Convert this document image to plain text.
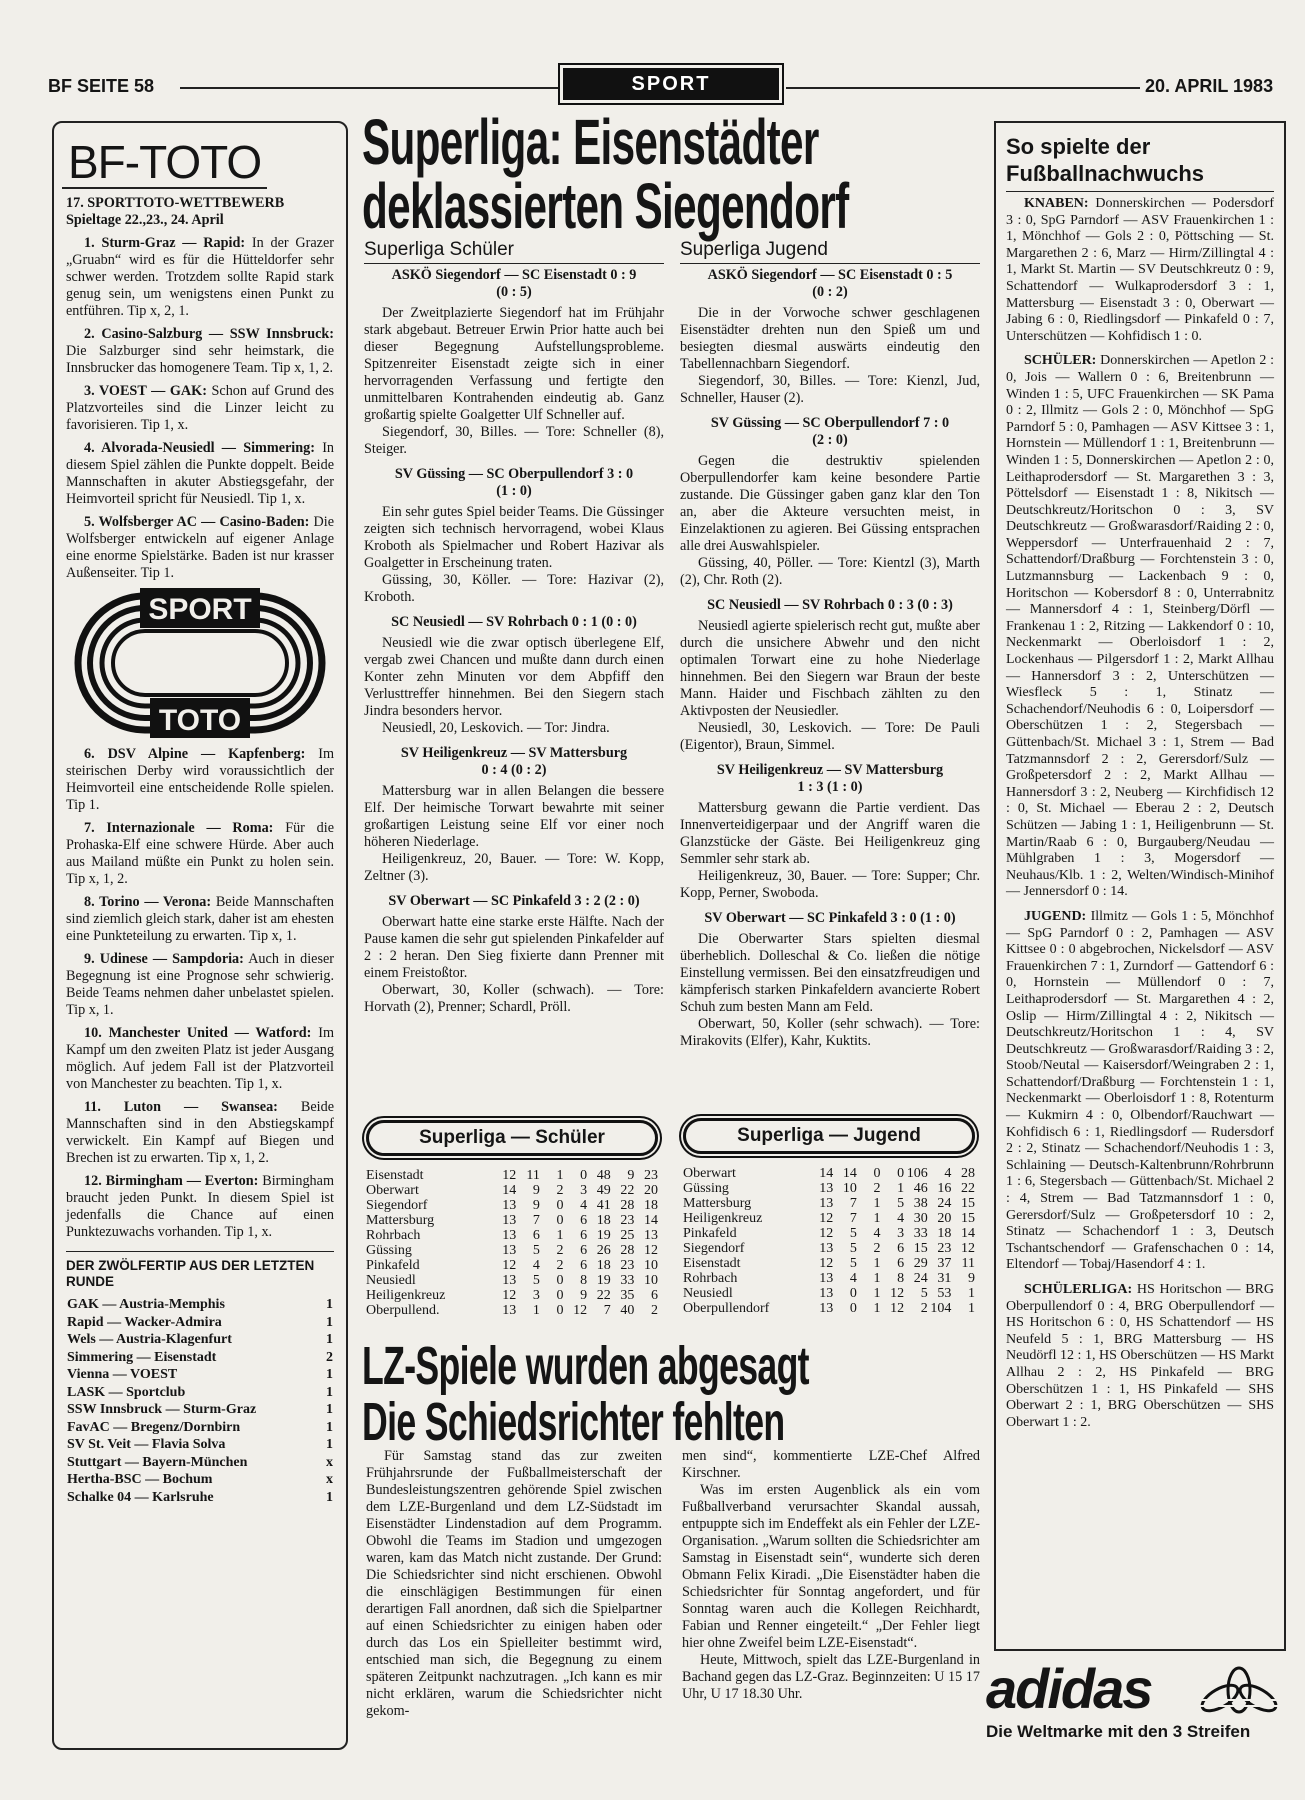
BF SEITE 58	SPORT	20. APRIL 1983
BF-TOTO

17. SPORTTOTO-WETTBEWERB

Spieltage 22.,23., 24. April

1. Sturm-Graz — Rapid: In der Grazer „Gruabn“ wird es für die Hütteldorfer sehr schwer werden. Trotzdem sollte Rapid stark genug sein, um wenigstens einen Punkt zu entführen. Tip x, 2, 1.

2. Casino-Salzburg — SSW Innsbruck: Die Salzburger sind sehr heimstark, die Innsbrucker das homogenere Team. Tip x, 1, 2.

3. VOEST — GAK: Schon auf Grund des Platzvorteiles sind die Linzer leicht zu favorisieren. Tip 1, x.

4. Alvorada-Neusiedl — Simmering: In diesem Spiel zählen die Punkte doppelt. Beide Mannschaften in akuter Abstiegsgefahr, der Heimvorteil spricht für Neusiedl. Tip 1, x.

5. Wolfsberger AC — Casino-Baden: Die Wolfsberger entwickeln auf eigener Anlage eine enorme Spielstärke. Baden ist nur krasser Außenseiter. Tip 1.

SPORT
TOTO

6. DSV Alpine — Kapfenberg: Im steirischen Derby wird voraussichtlich der Heimvorteil eine entscheidende Rolle spielen. Tip 1.

7. Internazionale — Roma: Für die Prohaska-Elf eine schwere Hürde. Aber auch aus Mailand müßte ein Punkt zu holen sein. Tip x, 1, 2.

8. Torino — Verona: Beide Mannschaften sind ziemlich gleich stark, daher ist am ehesten eine Punkteteilung zu erwarten. Tip x, 1.

9. Udinese — Sampdoria: Auch in dieser Begegnung ist eine Prognose sehr schwierig. Beide Teams nehmen daher unbelastet spielen. Tip x, 1.

10. Manchester United — Watford: Im Kampf um den zweiten Platz ist jeder Ausgang möglich. Auf jedem Fall ist der Platzvorteil von Manchester zu beachten. Tip 1, x.

11. Luton — Swansea: Beide Mannschaften sind in den Abstiegskampf verwickelt. Ein Kampf auf Biegen und Brechen ist zu erwarten. Tip x, 1, 2.

12. Birmingham — Everton: Birmingham braucht jeden Punkt. In diesem Spiel ist jedenfalls die Chance auf einen Punktezuwachs vorhanden. Tip 1, x.

DER ZWÖLFERTIP AUS DER LETZTEN RUNDE

GAK — Austria-Memphis	1
Rapid — Wacker-Admira	1
Wels — Austria-Klagenfurt	1
Simmering — Eisenstadt	2
Vienna — VOEST	1
LASK — Sportclub	1
SSW Innsbruck — Sturm-Graz	1
FavAC — Bregenz/Dornbirn	1
SV St. Veit — Flavia Solva	1
Stuttgart — Bayern-München	x
Hertha-BSC — Bochum	x
Schalke 04 — Karlsruhe	1
Superliga: Eisenstädter
deklassierten Siegendorf
Superliga Schüler

ASKÖ Siegendorf — SC Eisenstadt 0 : 9

(0 : 5)

Der Zweitplazierte Siegendorf hat im Frühjahr stark abgebaut. Betreuer Erwin Prior hatte auch bei dieser Begegnung Aufstellungsprobleme. Spitzenreiter Eisenstadt zeigte sich in einer hervorragenden Verfassung und fertigte den unmittelbaren Kontrahenden eindeutig ab. Ganz großartig spielte Goalgetter Ulf Schneller auf.

Siegendorf, 30, Billes. — Tore: Schneller (8), Steiger.

SV Güssing — SC Oberpullendorf 3 : 0

(1 : 0)

Ein sehr gutes Spiel beider Teams. Die Güssinger zeigten sich technisch hervorragend, wobei Klaus Kroboth als Spielmacher und Robert Hazivar als Goalgetter in Erscheinung traten.

Güssing, 30, Köller. — Tore: Hazivar (2), Kroboth.

SC Neusiedl — SV Rohrbach 0 : 1 (0 : 0)

Neusiedl wie die zwar optisch überlegene Elf, vergab zwei Chancen und mußte dann durch einen Konter zehn Minuten vor dem Abpfiff den Verlusttreffer hinnehmen. Bei den Siegern stach Jindra besonders hervor.

Neusiedl, 20, Leskovich. — Tor: Jindra.

SV Heiligenkreuz — SV Mattersburg

0 : 4 (0 : 2)

Mattersburg war in allen Belangen die bessere Elf. Der heimische Torwart bewahrte mit seiner großartigen Leistung seine Elf vor einer noch höheren Niederlage.

Heiligenkreuz, 20, Bauer. — Tore: W. Kopp, Zeltner (3).

SV Oberwart — SC Pinkafeld 3 : 2 (2 : 0)

Oberwart hatte eine starke erste Hälfte. Nach der Pause kamen die sehr gut spielenden Pinkafelder auf 2 : 2 heran. Den Sieg fixierte dann Prenner mit einem Freistoßtor.

Oberwart, 30, Koller (schwach). — Tore: Horvath (2), Prenner; Schardl, Pröll.

Superliga Jugend

ASKÖ Siegendorf — SC Eisenstadt 0 : 5

(0 : 2)

Die in der Vorwoche schwer geschlagenen Eisenstädter drehten nun den Spieß um und besiegten diesmal auswärts eindeutig den Tabellennachbarn Siegendorf.

Siegendorf, 30, Billes. — Tore: Kienzl, Jud, Schneller, Hauser (2).

SV Güssing — SC Oberpullendorf 7 : 0

(2 : 0)

Gegen die destruktiv spielenden Oberpullendorfer kam keine besondere Partie zustande. Die Güssinger gaben ganz klar den Ton an, aber die Akteure versuchten meist, in Einzelaktionen zu agieren. Bei Güssing entsprachen alle drei Auswahlspieler.

Güssing, 40, Pöller. — Tore: Kientzl (3), Marth (2), Chr. Roth (2).

SC Neusiedl — SV Rohrbach 0 : 3 (0 : 3)

Neusiedl agierte spielerisch recht gut, mußte aber durch die unsichere Abwehr und den nicht optimalen Torwart eine zu hohe Niederlage hinnehmen. Bei den Siegern war Braun der beste Mann. Haider und Fischbach zählten zu den Aktivposten der Neusiedler.

Neusiedl, 30, Leskovich. — Tore: De Pauli (Eigentor), Braun, Simmel.

SV Heiligenkreuz — SV Mattersburg

1 : 3 (1 : 0)

Mattersburg gewann die Partie verdient. Das Innenverteidigerpaar und der Angriff waren die Glanzstücke der Gäste. Bei Heiligenkreuz ging Semmler sehr stark ab.

Heiligenkreuz, 30, Bauer. — Tore: Supper; Chr. Kopp, Perner, Swoboda.

SV Oberwart — SC Pinkafeld 3 : 0 (1 : 0)

Die Oberwarter Stars spielten diesmal überheblich. Dolleschal & Co. ließen die nötige Einstellung vermissen. Bei den einsatzfreudigen und kämpferisch starken Pinkafeldern avancierte Robert Schuh zum besten Mann am Feld.

Oberwart, 50, Koller (sehr schwach). — Tore: Mirakovits (Elfer), Kahr, Kuktits.

Superliga — Schüler
Eisenstadt	12	11	1	0	48	9	23
Oberwart	14	9	2	3	49	22	20
Siegendorf	13	9	0	4	41	28	18
Mattersburg	13	7	0	6	18	23	14
Rohrbach	13	6	1	6	19	25	13
Güssing	13	5	2	6	26	28	12
Pinkafeld	12	4	2	6	18	23	10
Neusiedl	13	5	0	8	19	33	10
Heiligenkreuz	12	3	0	9	22	35	6
Oberpullend.	13	1	0	12	7	40	2
Superliga — Jugend
Oberwart	14	14	0	0	106	4	28
Güssing	13	10	2	1	46	16	22
Mattersburg	13	7	1	5	38	24	15
Heiligenkreuz	12	7	1	4	30	20	15
Pinkafeld	12	5	4	3	33	18	14
Siegendorf	13	5	2	6	15	23	12
Eisenstadt	12	5	1	6	29	37	11
Rohrbach	13	4	1	8	24	31	9
Neusiedl	13	0	1	12	5	53	1
Oberpullendorf	13	0	1	12	2	104	1
LZ-Spiele wurden abgesagt
Die Schiedsrichter fehlten

Für Samstag stand das zur zweiten Frühjahrsrunde der Fußballmeisterschaft der Bundesleistungszentren gehörende Spiel zwischen dem LZE-Burgenland und dem LZ-Südstadt im Eisenstädter Lindenstadion auf dem Programm. Obwohl die Teams im Stadion und umgezogen waren, kam das Match nicht zustande. Der Grund: Die Schiedsrichter sind nicht erschienen. Obwohl die einschlägigen Bestimmungen für einen derartigen Fall anordnen, daß sich die Spielpartner auf einen Schiedsrichter zu einigen haben oder durch das Los ein Spielleiter bestimmt wird, entschied man sich, die Begegnung zu einem späteren Zeitpunkt nachzutragen. „Ich kann es mir nicht erklären, warum die Schiedsrichter nicht gekom-

men sind“, kommentierte LZE-Chef Alfred Kirschner.

Was im ersten Augenblick als ein vom Fußballverband verursachter Skandal aussah, entpuppte sich im Endeffekt als ein Fehler der LZE-Organisation. „Warum sollten die Schiedsrichter am Samstag in Eisenstadt sein“, wunderte sich deren Obmann Felix Kiradi. „Die Eisenstädter haben die Schiedsrichter für Sonntag angefordert, und für Sonntag waren auch die Kollegen Reichhardt, Fabian und Renner eingeteilt.“ „Der Fehler liegt hier ohne Zweifel beim LZE-Eisenstadt“.

Heute, Mittwoch, spielt das LZE-Burgenland in Bachand gegen das LZ-Graz. Beginnzeiten: U 15 17 Uhr, U 17 18.30 Uhr.

So spielte der
Fußballnachwuchs

KNABEN: Donnerskirchen — Podersdorf 3 : 0, SpG Parndorf — ASV Frauenkirchen 1 : 1, Mönchhof — Gols 2 : 0, Pöttsching — St. Margarethen 2 : 6, Marz — Hirm/Zillingtal 4 : 1, Markt St. Martin — SV Deutschkreutz 0 : 9, Schattendorf — Wulkaprodersdorf 3 : 1, Mattersburg — Eisenstadt 3 : 0, Oberwart — Jabing 6 : 0, Riedlingsdorf — Pinkafeld 0 : 7, Unterschützen — Kohfidisch 1 : 0.

SCHÜLER: Donnerskirchen — Apetlon 2 : 0, Jois — Wallern 0 : 6, Breitenbrunn — Winden 1 : 5, UFC Frauenkirchen — SK Pama 0 : 2, Illmitz — Gols 2 : 0, Mönchhof — SpG Parndorf 5 : 0, Pamhagen — ASV Kittsee 3 : 1, Hornstein — Müllendorf 1 : 1, Breitenbrunn — Winden 1 : 5, Donnerskirchen — Apetlon 2 : 0, Leithaprodersdorf — St. Margarethen 3 : 3, Pöttelsdorf — Eisenstadt 1 : 8, Nikitsch — Deutschkreutz/Horitschon 0 : 3, SV Deutschkreutz — Großwarasdorf/Raiding 2 : 0, Weppersdorf — Unterfrauenhaid 2 : 7, Schattendorf/Draßburg — Forchtenstein 3 : 0, Lutzmannsburg — Lackenbach 9 : 0, Horitschon — Kobersdorf 8 : 0, Unterrabnitz — Mannersdorf 4 : 1, Steinberg/Dörfl — Frankenau 1 : 2, Ritzing — Lakkendorf 0 : 10, Neckenmarkt — Oberloisdorf 1 : 2, Lockenhaus — Pilgersdorf 1 : 2, Markt Allhau — Hannersdorf 3 : 2, Unterschützen — Wiesfleck 5 : 1, Stinatz — Schachendorf/Neuhodis 6 : 0, Loipersdorf — Oberschützen 1 : 2, Stegersbach — Güttenbach/St. Michael 3 : 1, Strem — Bad Tatzmannsdorf 2 : 2, Gerersdorf/Sulz — Großpetersdorf 2 : 2, Markt Allhau — Hannersdorf 3 : 2, Neuberg — Kirchfidisch 12 : 0, St. Michael — Eberau 2 : 2, Deutsch Schützen — Jabing 1 : 1, Heiligenbrunn — St. Martin/Raab 6 : 0, Burgauberg/Neudau — Mühlgraben 1 : 3, Mogersdorf — Neuhaus/Klb. 1 : 2, Welten/Windisch-Minihof — Jennersdorf 0 : 14.

JUGEND: Illmitz — Gols 1 : 5, Mönchhof — SpG Parndorf 0 : 2, Pamhagen — ASV Kittsee 0 : 0 abgebrochen, Nickelsdorf — ASV Frauenkirchen 7 : 1, Zurndorf — Gattendorf 6 : 0, Hornstein — Müllendorf 0 : 7, Leithaprodersdorf — St. Margarethen 4 : 2, Oslip — Hirm/Zillingtal 4 : 2, Nikitsch — Deutschkreutz/Horitschon 1 : 4, SV Deutschkreutz — Großwarasdorf/Raiding 3 : 2, Stoob/Neutal — Kaisersdorf/Weingraben 2 : 1, Schattendorf/Draßburg — Forchtenstein 1 : 1, Neckenmarkt — Oberloisdorf 1 : 8, Rotenturm — Kukmirn 4 : 0, Olbendorf/Rauchwart — Kohfidisch 6 : 1, Riedlingsdorf — Rudersdorf 2 : 2, Stinatz — Schachendorf/Neuhodis 1 : 3, Schlaining — Deutsch-Kaltenbrunn/Rohrbrunn 1 : 6, Stegersbach — Güttenbach/St. Michael 2 : 4, Strem — Bad Tatzmannsdorf 1 : 0, Gerersdorf/Sulz — Großpetersdorf 10 : 2, Stinatz — Schachendorf 1 : 3, Deutsch Tschantschendorf — Grafenschachen 0 : 14, Eltendorf — Tobaj/Hasendorf 4 : 1.

SCHÜLERLIGA: HS Horitschon — BRG Oberpullendorf 0 : 4, BRG Oberpullendorf — HS Horitschon 6 : 0, HS Schattendorf — HS Neufeld 5 : 1, BRG Mattersburg — HS Neudörfl 12 : 1, HS Oberschützen — HS Markt Allhau 2 : 2, HS Pinkafeld — BRG Oberschützen 1 : 1, HS Pinkafeld — SHS Oberwart 2 : 1, BRG Oberschützen — SHS Oberwart 1 : 2.

adidas
Die Weltmarke mit den 3 Streifen
